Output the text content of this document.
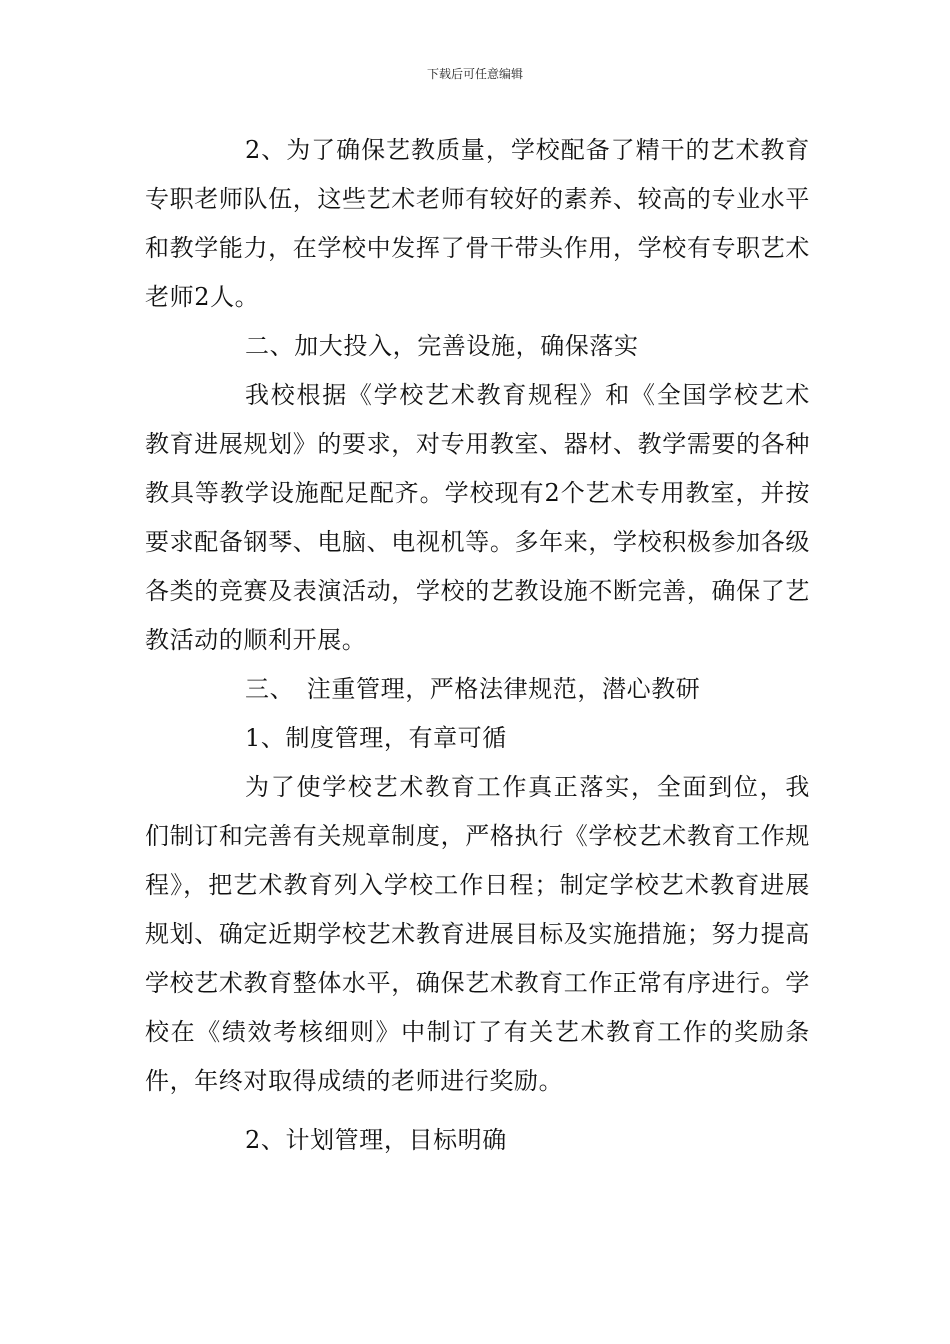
下载后可任意编辑

2、为了确保艺教质量，学校配备了精干的艺术教育专职老师队伍，这些艺术老师有较好的素养、较高的专业水平和教学能力，在学校中发挥了骨干带头作用，学校有专职艺术老师2人。

二、加大投入，完善设施，确保落实

我校根据《学校艺术教育规程》和《全国学校艺术教育进展规划》的要求，对专用教室、器材、教学需要的各种教具等教学设施配足配齐。学校现有2个艺术专用教室，并按要求配备钢琴、电脑、电视机等。多年来，学校积极参加各级各类的竞赛及表演活动，学校的艺教设施不断完善，确保了艺教活动的顺利开展。

三、　注重管理，严格法律规范，潜心教研

1、制度管理，有章可循

为了使学校艺术教育工作真正落实，全面到位，我们制订和完善有关规章制度，严格执行《学校艺术教育工作规程》，把艺术教育列入学校工作日程；制定学校艺术教育进展规划、确定近期学校艺术教育进展目标及实施措施；努力提高学校艺术教育整体水平，确保艺术教育工作正常有序进行。学校在《绩效考核细则》中制订了有关艺术教育工作的奖励条件，年终对取得成绩的老师进行奖励。

2、计划管理，目标明确
